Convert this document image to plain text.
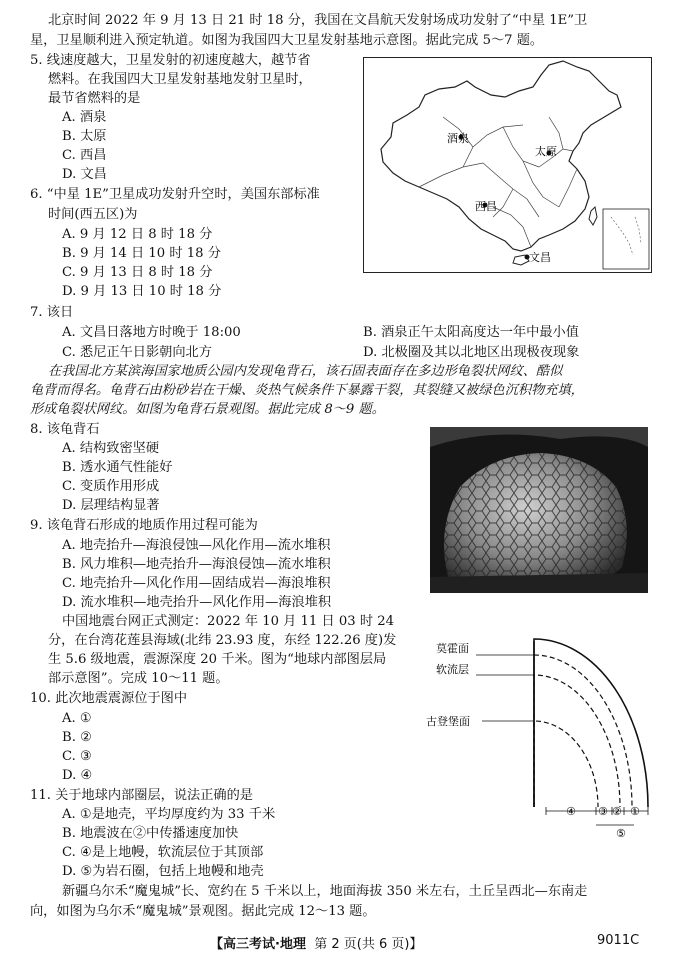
北京时间 2022 年 9 月 13 日 21 时 18 分，我国在文昌航天发射场成功发射了“中星 1E”卫
星，卫星顺利进入预定轨道。如图为我国四大卫星发射基地示意图。据此完成 5～7 题。
5. 线速度越大，卫星发射的初速度越大，越节省
燃料。在我国四大卫星发射基地发射卫星时，
最节省燃料的是
A. 酒泉
B. 太原
C. 西昌
D. 文昌
6. “中星 1E”卫星成功发射升空时，美国东部标准
时间(西五区)为
A. 9 月 12 日 8 时 18 分
B. 9 月 14 日 10 时 18 分
C. 9 月 13 日 8 时 18 分
D. 9 月 13 日 10 时 18 分
酒泉
太原
西昌
文昌
7. 该日
A. 文昌日落地方时晚于 18:00	B. 酒泉正午太阳高度达一年中最小值
C. 悉尼正午日影朝向北方	D. 北极圈及其以北地区出现极夜现象
在我国北方某滨海国家地质公园内发现龟背石，该石固表面存在多边形龟裂状网纹、酷似
龟背而得名。龟背石由粉砂岩在干燥、炎热气候条件下暴露干裂，其裂缝又被绿色沉积物充填，
形成龟裂状网纹。如图为龟背石景观图。据此完成 8～9 题。
8. 该龟背石
A. 结构致密坚硬
B. 透水通气性能好
C. 变质作用形成
D. 层理结构显著
9. 该龟背石形成的地质作用过程可能为
A. 地壳抬升—海浪侵蚀—风化作用—流水堆积
B. 风力堆积—地壳抬升—海浪侵蚀—流水堆积
C. 地壳抬升—风化作用—固结成岩—海浪堆积
D. 流水堆积—地壳抬升—风化作用—海浪堆积
中国地震台网正式测定：2022 年 10 月 11 日 03 时 24
分，在台湾花莲县海域(北纬 23.93 度，东经 122.26 度)发
生 5.6 级地震，震源深度 20 千米。图为“地球内部图层局
部示意图”。完成 10～11 题。
莫霍面
软流层
古登堡面
④ ③ ② ①
⑤
10. 此次地震震源位于图中
A. ①
B. ②
C. ③
D. ④
11. 关于地球内部圈层，说法正确的是
A. ①是地壳，平均厚度约为 33 千米
B. 地震波在②中传播速度加快
C. ④是上地幔，软流层位于其顶部
D. ⑤为岩石圈，包括上地幔和地壳
新疆乌尔禾“魔鬼城”长、宽约在 5 千米以上，地面海拔 350 米左右，土丘呈西北—东南走
向，如图为乌尔禾“魔鬼城”景观图。据此完成 12～13 题。
【高三考试·地理 第 2 页(共 6 页)】	9011C
